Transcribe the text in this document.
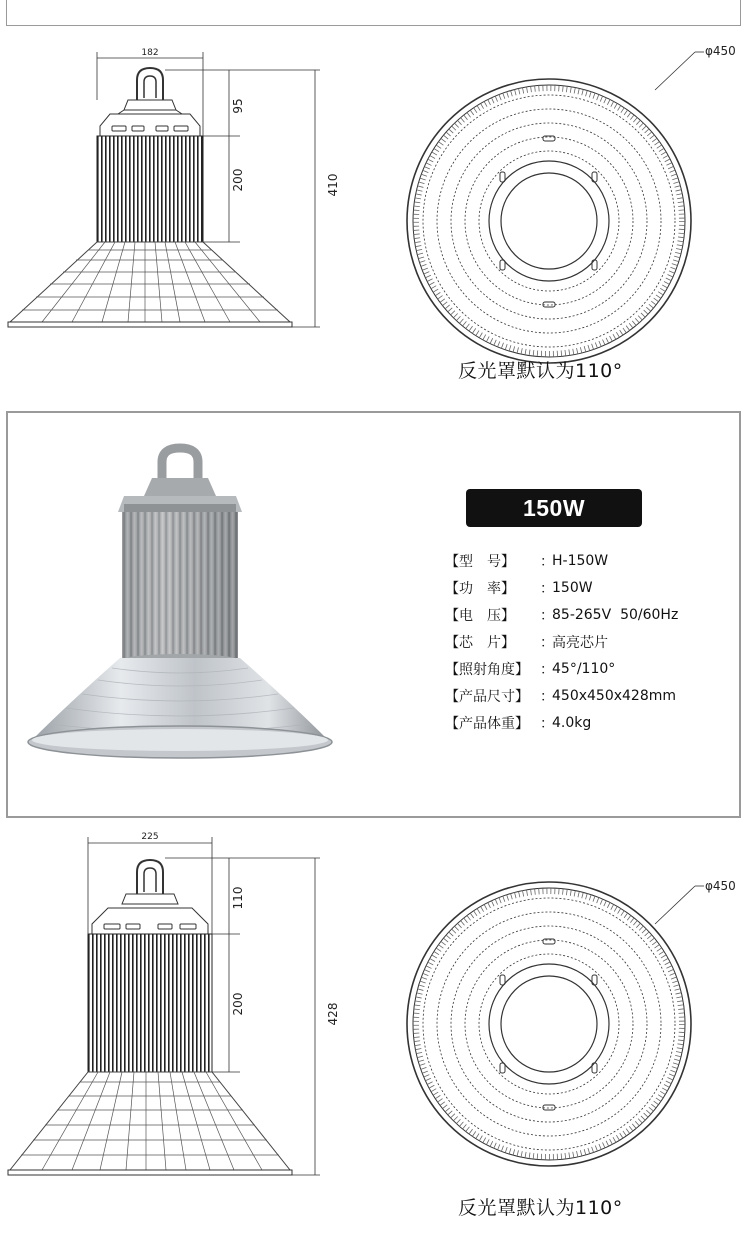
182
95
200	410
φ450
反光罩默认为110°
150W
【型　号】	：
H-150W
【功　率】	：
150W
【电　压】	：
85-265V  50/60Hz
【芯　片】	：
高亮芯片
【照射角度】 ：
45°/110°
【产品尺寸】 ：
450x450x428mm
【产品体重】 ：
4.0kg
225
110
200	428
φ450
反光罩默认为110°
